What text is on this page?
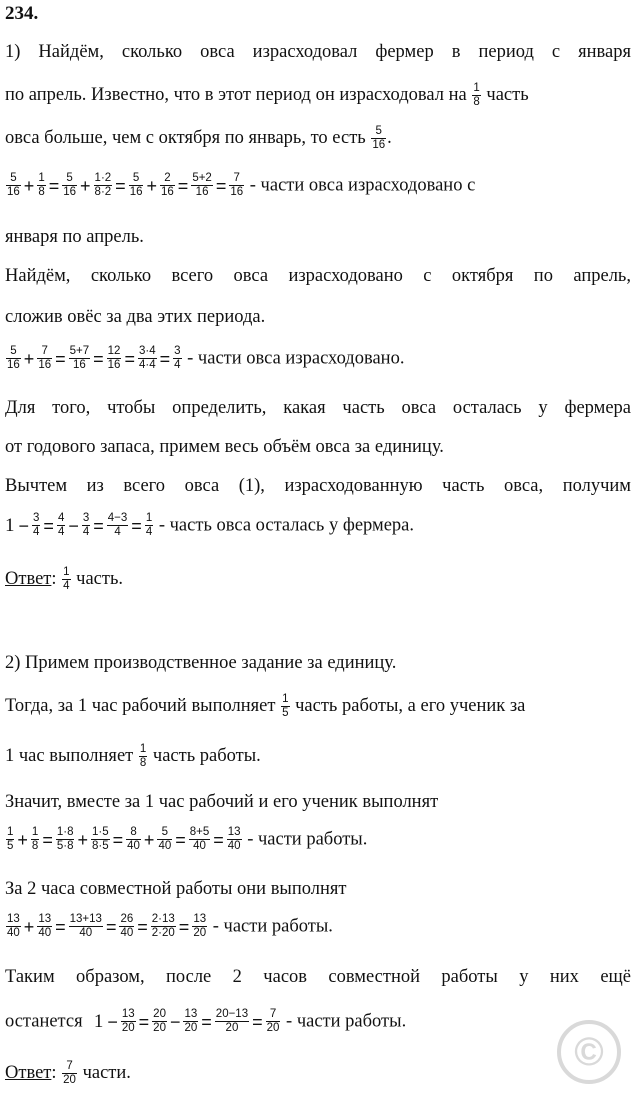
234.
1) Найдём, сколько овса израсходовал фермер в период с января
по апрель. Известно, что в этот период он израсходовал на $\frac{1}{8}$ часть
овса больше, чем с октября по январь, то есть $\frac{5}{16}$ .
$\frac{5}{16} + \frac{1}{8} = \frac{5}{16} + \frac{1\cdot 2}{8\cdot 2} = \frac{5}{16} + \frac{2}{16} = \frac{5+2}{16} = \frac{7}{16}$ - части овса израсходовано с
января по апрель.
Найдём, сколько всего овса израсходовано с октября по апрель,
сложив овёс за два этих периода.
$\frac{5}{16} + \frac{7}{16} = \frac{5+7}{16} = \frac{12}{16} = \frac{3\cdot 4}{4\cdot 4} = \frac{3}{4}$ - части овса израсходовано.
Для того, чтобы определить, какая часть овса осталась у фермера
от годового запаса, примем весь объём овса за единицу.
Вычтем из всего овса (1), израсходованную часть овса, получим
$1 - \frac{3}{4} = \frac{4}{4} - \frac{3}{4} = \frac{4-3}{4} = \frac{1}{4}$ - часть овса осталась у фермера.
Ответ: $\frac{1}{4}$ часть.
2) Примем производственное задание за единицу.
Тогда, за 1 час рабочий выполняет $\frac{1}{5}$ часть работы, а его ученик за
1 час выполняет $\frac{1}{8}$ часть работы.
Значит, вместе за 1 час рабочий и его ученик выполнят
$\frac{1}{5} + \frac{1}{8} = \frac{1\cdot 8}{5\cdot 8} + \frac{1\cdot 5}{8\cdot 5} = \frac{8}{40} + \frac{5}{40} = \frac{8+5}{40} = \frac{13}{40}$ - части работы.
За 2 часа совместной работы они выполнят
$\frac{13}{40} + \frac{13}{40} = \frac{13+13}{40} = \frac{26}{40} = \frac{2\cdot 13}{2\cdot 20} = \frac{13}{20}$ - части работы.
Таким образом, после 2 часов совместной работы у них ещё
останется $1 - \frac{13}{20} = \frac{20}{20} - \frac{13}{20} = \frac{20-13}{20} = \frac{7}{20}$ - части работы.
Ответ: $\frac{7}{20}$ части.	©
